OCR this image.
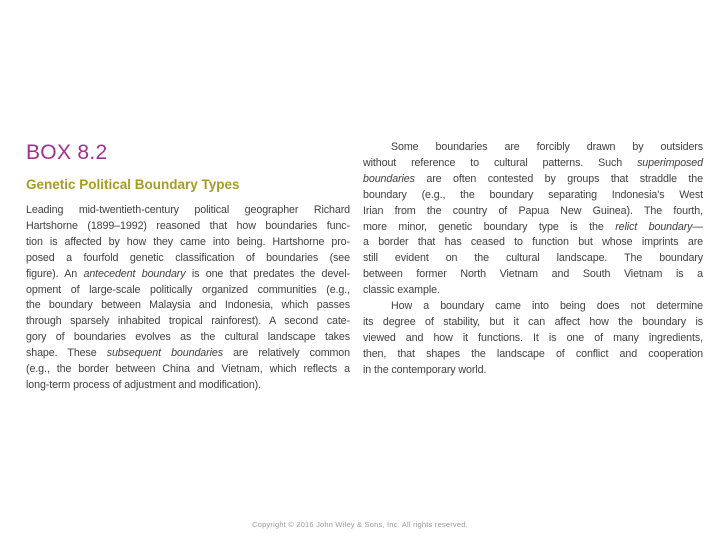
BOX 8.2
Genetic Political Boundary Types
Leading mid-twentieth-century political geographer Richard
Hartshorne (1899–1992) reasoned that how boundaries func-
tion is affected by how they came into being. Hartshorne pro-
posed a fourfold genetic classification of boundaries (see
figure). An antecedent boundary is one that predates the devel-
opment of large-scale politically organized communities (e.g.,
the boundary between Malaysia and Indonesia, which passes
through sparsely inhabited tropical rainforest). A second cate-
gory of boundaries evolves as the cultural landscape takes
shape. These subsequent boundaries are relatively common
(e.g., the border between China and Vietnam, which reflects a
long-term process of adjustment and modification).
Some boundaries are forcibly drawn by outsiders
without reference to cultural patterns. Such superimposed
boundaries are often contested by groups that straddle the
boundary (e.g., the boundary separating Indonesia's West
Irian from the country of Papua New Guinea). The fourth,
more minor, genetic boundary type is the relict boundary—
a border that has ceased to function but whose imprints are
still evident on the cultural landscape. The boundary
between former North Vietnam and South Vietnam is a
classic example.
How a boundary came into being does not determine
its degree of stability, but it can affect how the boundary is
viewed and how it functions. It is one of many ingredients,
then, that shapes the landscape of conflict and cooperation
in the contemporary world.
Copyright © 2016 John Wiley & Sons, Inc. All rights reserved.
